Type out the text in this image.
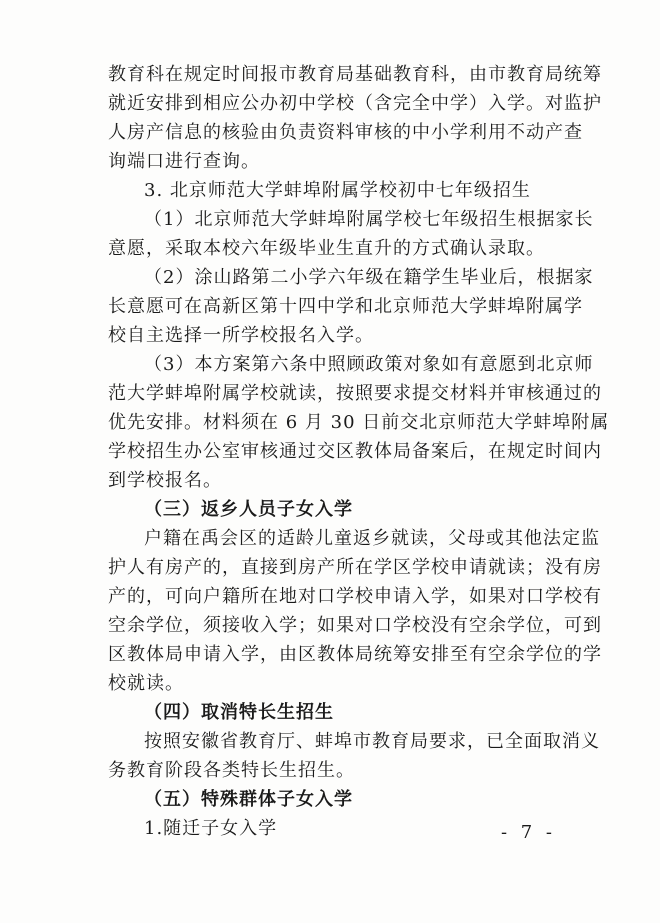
教育科在规定时间报市教育局基础教育科，由市教育局统筹
就近安排到相应公办初中学校（含完全中学）入学。对监护
人房产信息的核验由负责资料审核的中小学利用不动产查
询端口进行查询。
3. 北京师范大学蚌埠附属学校初中七年级招生
（1）北京师范大学蚌埠附属学校七年级招生根据家长
意愿，采取本校六年级毕业生直升的方式确认录取。
（2）涂山路第二小学六年级在籍学生毕业后，根据家
长意愿可在高新区第十四中学和北京师范大学蚌埠附属学
校自主选择一所学校报名入学。
（3）本方案第六条中照顾政策对象如有意愿到北京师
范大学蚌埠附属学校就读，按照要求提交材料并审核通过的
优先安排。材料须在 6 月 30 日前交北京师范大学蚌埠附属
学校招生办公室审核通过交区教体局备案后，在规定时间内
到学校报名。
（三）返乡人员子女入学
户籍在禹会区的适龄儿童返乡就读，父母或其他法定监
护人有房产的，直接到房产所在学区学校申请就读；没有房
产的，可向户籍所在地对口学校申请入学，如果对口学校有
空余学位，须接收入学；如果对口学校没有空余学位，可到
区教体局申请入学，由区教体局统筹安排至有空余学位的学
校就读。
（四）取消特长生招生
按照安徽省教育厅、蚌埠市教育局要求，已全面取消义
务教育阶段各类特长生招生。
（五）特殊群体子女入学
1.随迁子女入学	- 7 -
